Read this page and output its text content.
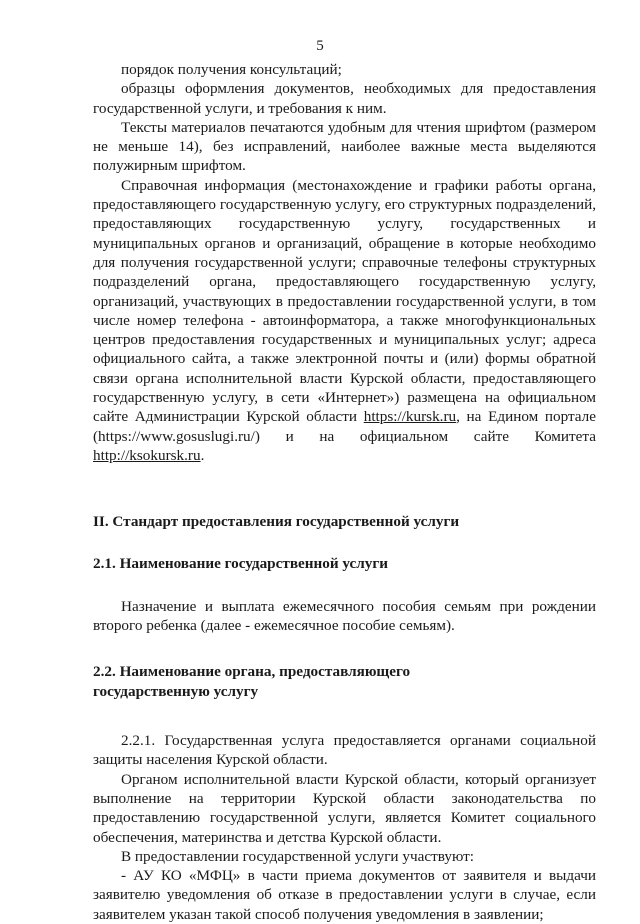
5

порядок получения консультаций;

образцы оформления документов, необходимых для предоставления государственной услуги, и требования к ним.

Тексты материалов печатаются удобным для чтения шрифтом (размером не меньше 14), без исправлений, наиболее важные места выделяются полужирным шрифтом.

Справочная информация (местонахождение и графики работы органа, предоставляющего государственную услугу, его структурных подразделений, предоставляющих государственную услугу, государственных и муниципальных органов и организаций, обращение в которые необходимо для получения государственной услуги; справочные телефоны структурных подразделений органа, предоставляющего государственную услугу, организаций, участвующих в предоставлении государственной услуги, в том числе номер телефона - автоинформатора, а также многофункциональных центров предоставления государственных и муниципальных услуг; адреса официального сайта, а также электронной почты и (или) формы обратной связи органа исполнительной власти Курской области, предоставляющего государственную услугу, в сети «Интернет») размещена на официальном сайте Администрации Курской области https://kursk.ru, на Едином портале (https://www.gosuslugi.ru/) и на официальном сайте Комитета http://ksokursk.ru.

II. Стандарт предоставления государственной услуги

2.1. Наименование государственной услуги

Назначение и выплата ежемесячного пособия семьям при рождении второго ребенка (далее - ежемесячное пособие семьям).

2.2. Наименование органа, предоставляющего

государственную услугу

2.2.1. Государственная услуга предоставляется органами социальной защиты населения Курской области.

Органом исполнительной власти Курской области, который организует выполнение на территории Курской области законодательства по предоставлению государственной услуги, является Комитет социального обеспечения, материнства и детства Курской области.

В предоставлении государственной услуги участвуют:

- АУ КО «МФЦ» в части приема документов от заявителя и выдачи заявителю уведомления об отказе в предоставлении услуги в случае, если заявителем указан такой способ получения уведомления в заявлении;
